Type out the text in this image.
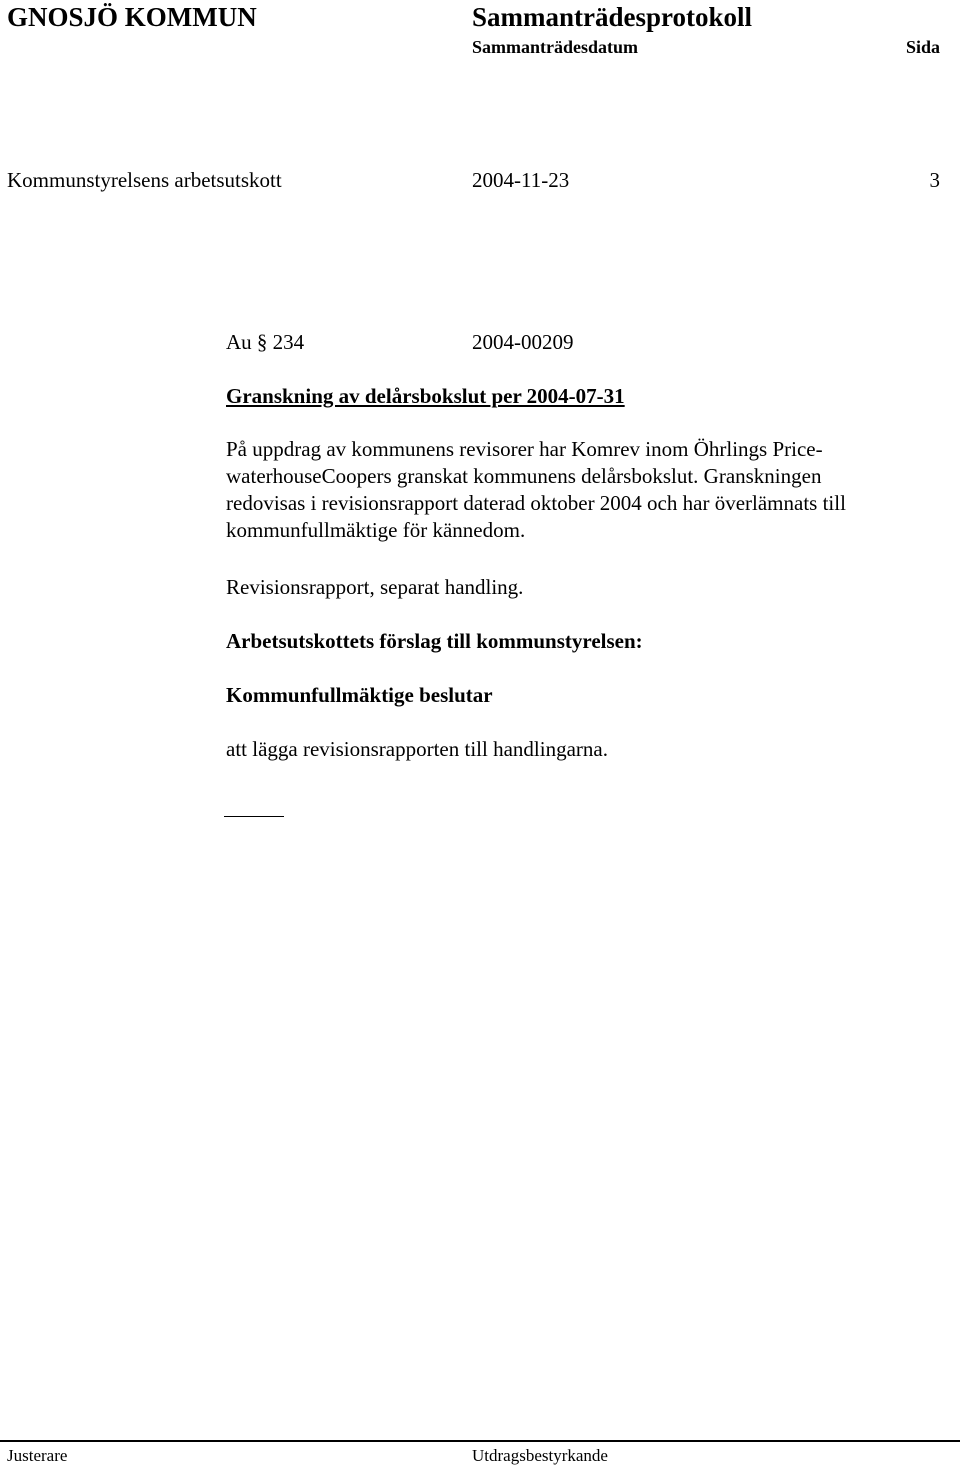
GNOSJÖ KOMMUN	Sammanträdesprotokoll
Sammanträdesdatum	Sida
Kommunstyrelsens arbetsutskott	2004-11-23	3
Au § 234	2004-00209
Granskning av delårsbokslut per 2004-07-31
På uppdrag av kommunens revisorer har Komrev inom Öhrlings Price-
waterhouseCoopers granskat kommunens delårsbokslut. Granskningen
redovisas i revisionsrapport daterad oktober 2004 och har överlämnats till
kommunfullmäktige för kännedom.
Revisionsrapport, separat handling.
Arbetsutskottets förslag till kommunstyrelsen:
Kommunfullmäktige beslutar
att lägga revisionsrapporten till handlingarna.
Justerare	Utdragsbestyrkande
